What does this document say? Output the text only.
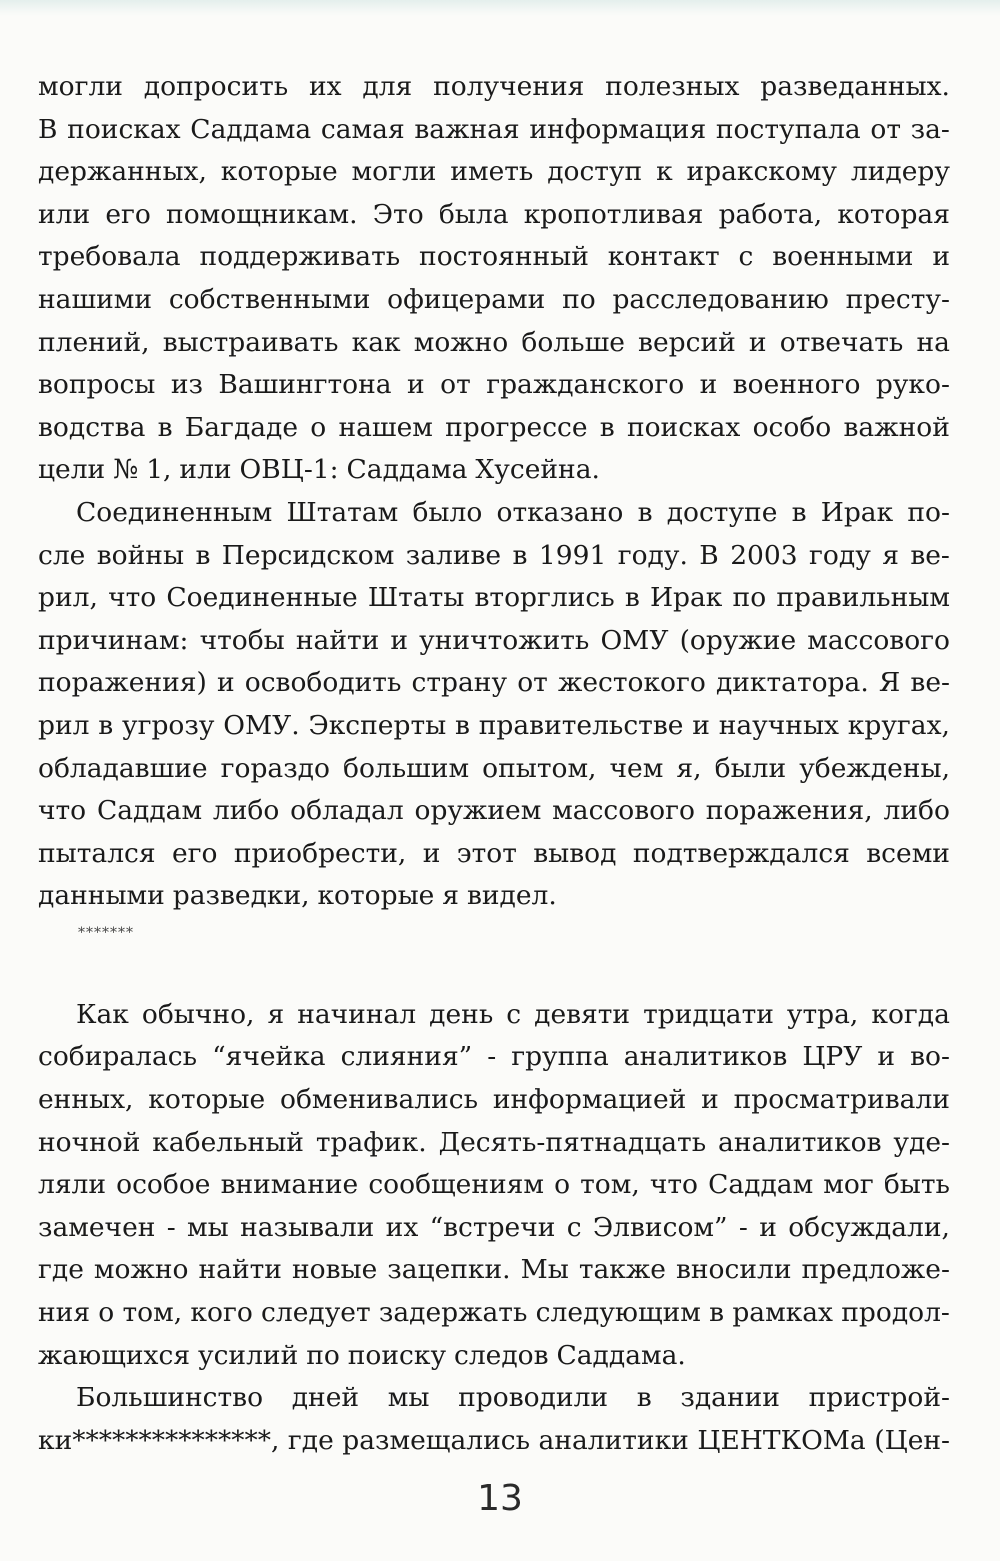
могли допросить их для получения полезных разведанных.
В поисках Саддама самая важная информация поступала от за-
держанных, которые могли иметь доступ к иракскому лидеру
или его помощникам. Это была кропотливая работа, которая
требовала поддерживать постоянный контакт с военными и
нашими собственными офицерами по расследованию престу-
плений, выстраивать как можно больше версий и отвечать на
вопросы из Вашингтона и от гражданского и военного руко-
водства в Багдаде о нашем прогрессе в поисках особо важной
цели № 1, или ОВЦ-1: Саддама Хусейна.
Соединенным Штатам было отказано в доступе в Ирак по-
сле войны в Персидском заливе в 1991 году. В 2003 году я ве-
рил, что Соединенные Штаты вторглись в Ирак по правильным
причинам: чтобы найти и уничтожить ОМУ (оружие массового
поражения) и освободить страну от жестокого диктатора. Я ве-
рил в угрозу ОМУ. Эксперты в правительстве и научных кругах,
обладавшие гораздо большим опытом, чем я, были убеждены,
что Саддам либо обладал оружием массового поражения, либо
пытался его приобрести, и этот вывод подтверждался всеми
данными разведки, которые я видел.
*******
Как обычно, я начинал день с девяти тридцати утра, когда
собиралась “ячейка слияния” - группа аналитиков ЦРУ и во-
енных, которые обменивались информацией и просматривали
ночной кабельный трафик. Десять-пятнадцать аналитиков уде-
ляли особое внимание сообщениям о том, что Саддам мог быть
замечен - мы называли их “встречи с Элвисом” - и обсуждали,
где можно найти новые зацепки. Мы также вносили предложе-
ния о том, кого следует задержать следующим в рамках продол-
жающихся усилий по поиску следов Саддама.
Большинство дней мы проводили в здании пристрой-
ки***************, где размещались аналитики ЦЕНТКОМа (Цен-
13
